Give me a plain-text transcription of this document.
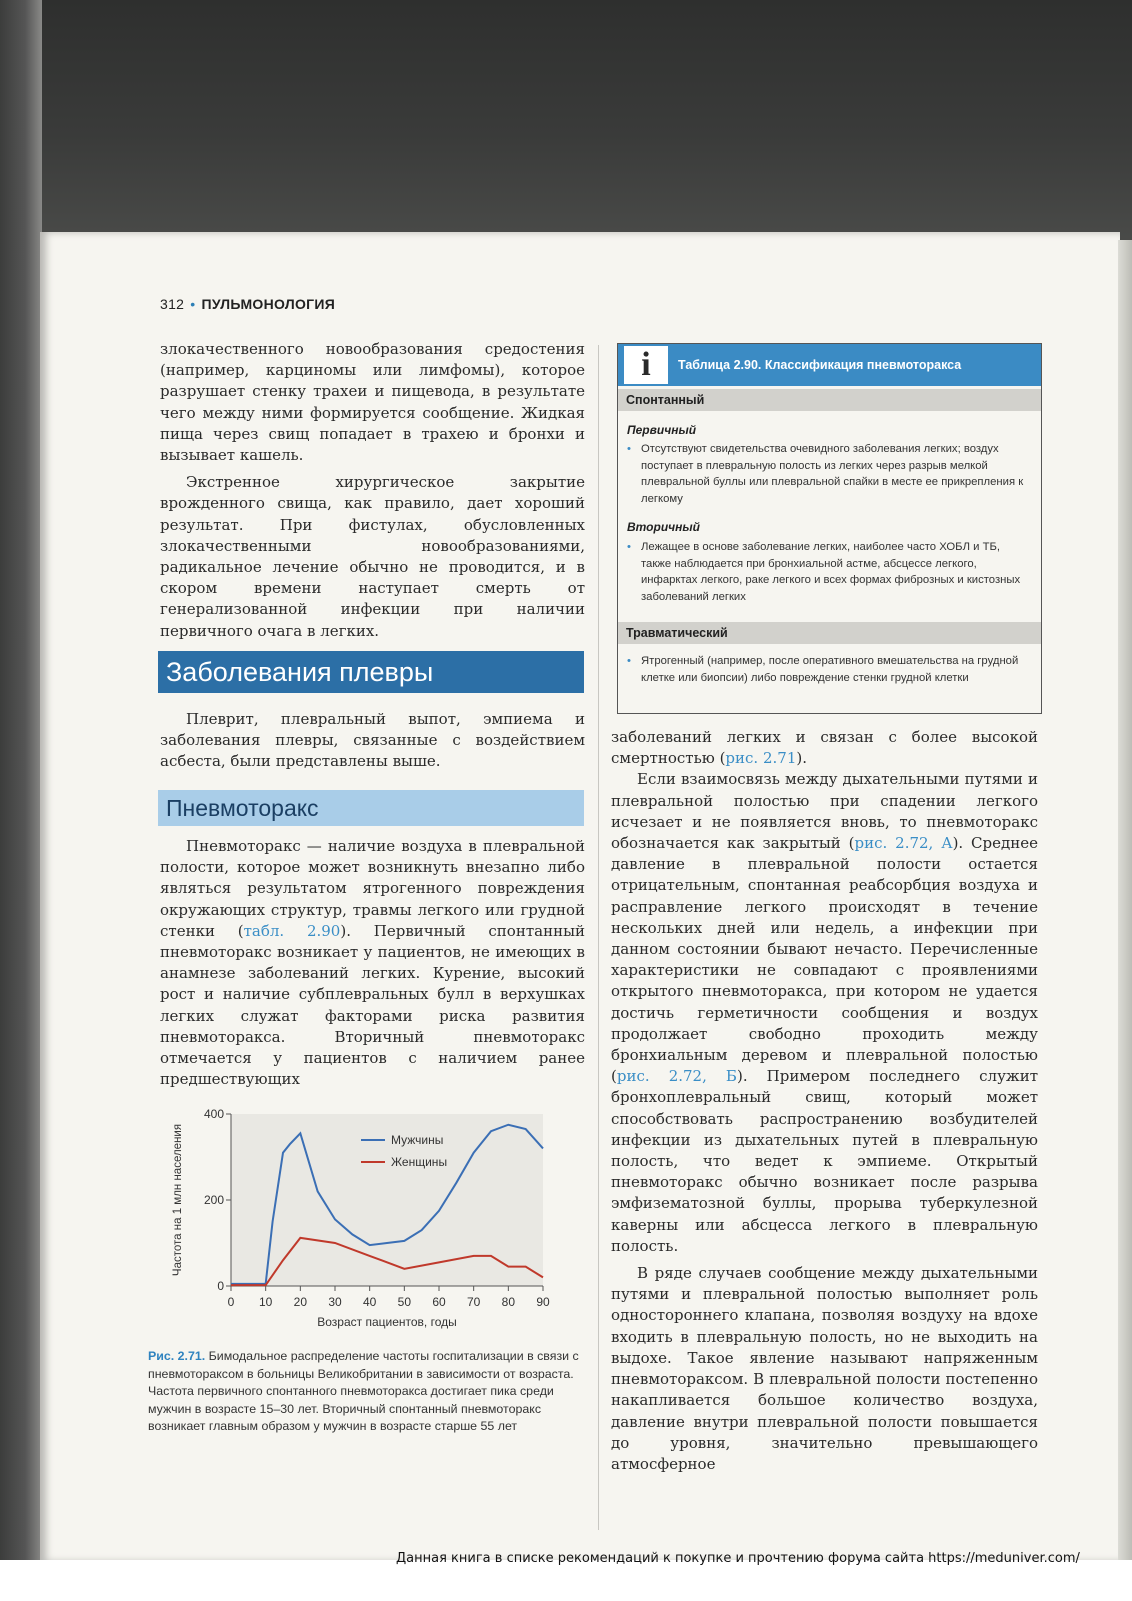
312 • ПУЛЬМОНОЛОГИЯ

злокачественного новообразования средостения (например, карциномы или лимфомы), которое разрушает стенку трахеи и пищевода, в результате чего между ними формируется сообщение. Жидкая пища через свищ попадает в трахею и бронхи и вызывает кашель.

Экстренное хирургическое закрытие врожденного свища, как правило, дает хороший результат. При фистулах, обусловленных злокачественными новообразованиями, радикальное лечение обычно не проводится, и в скором времени наступает смерть от генерализованной инфекции при наличии первичного очага в легких.

Заболевания плевры

Плеврит, плевральный выпот, эмпиема и заболевания плевры, связанные с воздействием асбеста, были представлены выше.

Пневмоторакс

Пневмоторакс — наличие воздуха в плевральной полости, которое может возникнуть внезапно либо являться результатом ятрогенного повреждения окружающих структур, травмы легкого или грудной стенки (табл. 2.90). Первичный спонтанный пневмоторакс возникает у пациентов, не имеющих в анамнезе заболеваний легких. Курение, высокий рост и наличие субплевральных булл в верхушках легких служат факторами риска развития пневмоторакса. Вторичный пневмоторакс отмечается у пациентов с наличием ранее предшествующих

i	Таблица 2.90. Классификация пневмоторакса
Спонтанный
Первичный
• Отсутствуют свидетельства очевидного заболевания легких; воздух поступает в плевральную полость из легких через разрыв мелкой плевральной буллы или плевральной спайки в месте ее прикрепления к легкому
Вторичный
• Лежащее в основе заболевание легких, наиболее часто ХОБЛ и ТБ, также наблюдается при бронхиальной астме, абсцессе легкого, инфарктах легкого, раке легкого и всех формах фиброзных и кистозных заболеваний легких
Травматический
• Ятрогенный (например, после оперативного вмешательства на грудной клетке или биопсии) либо повреждение стенки грудной клетки

заболеваний легких и связан с более высокой смертностью (рис. 2.71).

Если взаимосвязь между дыхательными путями и плевральной полостью при спадении легкого исчезает и не появляется вновь, то пневмоторакс обозначается как закрытый (рис. 2.72, А). Среднее давление в плевральной полости остается отрицательным, спонтанная реабсорбция воздуха и расправление легкого происходят в течение нескольких дней или недель, а инфекции при данном состоянии бывают нечасто. Перечисленные характеристики не совпадают с проявлениями открытого пневмоторакса, при котором не удается достичь герметичности сообщения и воздух продолжает свободно проходить между бронхиальным деревом и плевральной полостью (рис. 2.72, Б). Примером последнего служит бронхоплевральный свищ, который может способствовать распространению возбудителей инфекции из дыхательных путей в плевральную полость, что ведет к эмпиеме. Открытый пневмоторакс обычно возникает после разрыва эмфизематозной буллы, прорыва туберкулезной каверны или абсцесса легкого в плевральную полость.

В ряде случаев сообщение между дыхательными путями и плевральной полостью выполняет роль одностороннего клапана, позволяя воздуху на вдохе входить в плевральную полость, но не выходить на выдохе. Такое явление называют напряженным пневмотораксом. В плевральной полости постепенно накапливается большое количество воздуха, давление внутри плевральной полости повышается до уровня, значительно превышающего атмосферное

0
200
400
0 10 20 30 40 50 60 70 80 90
Возраст пациентов, годы
Частота на 1 млн населения	Мужчины
Женщины
Рис. 2.71. Бимодальное распределение частоты госпитализации в связи с пневмотораксом в больницы Великобритании в зависимости от возраста. Частота первичного спонтанного пневмоторакса достигает пика среди мужчин в возрасте 15–30 лет. Вторичный спонтанный пневмоторакс возникает главным образом у мужчин в возрасте старше 55 лет
Данная книга в списке рекомендаций к покупке и прочтению форума сайта https://meduniver.com/
